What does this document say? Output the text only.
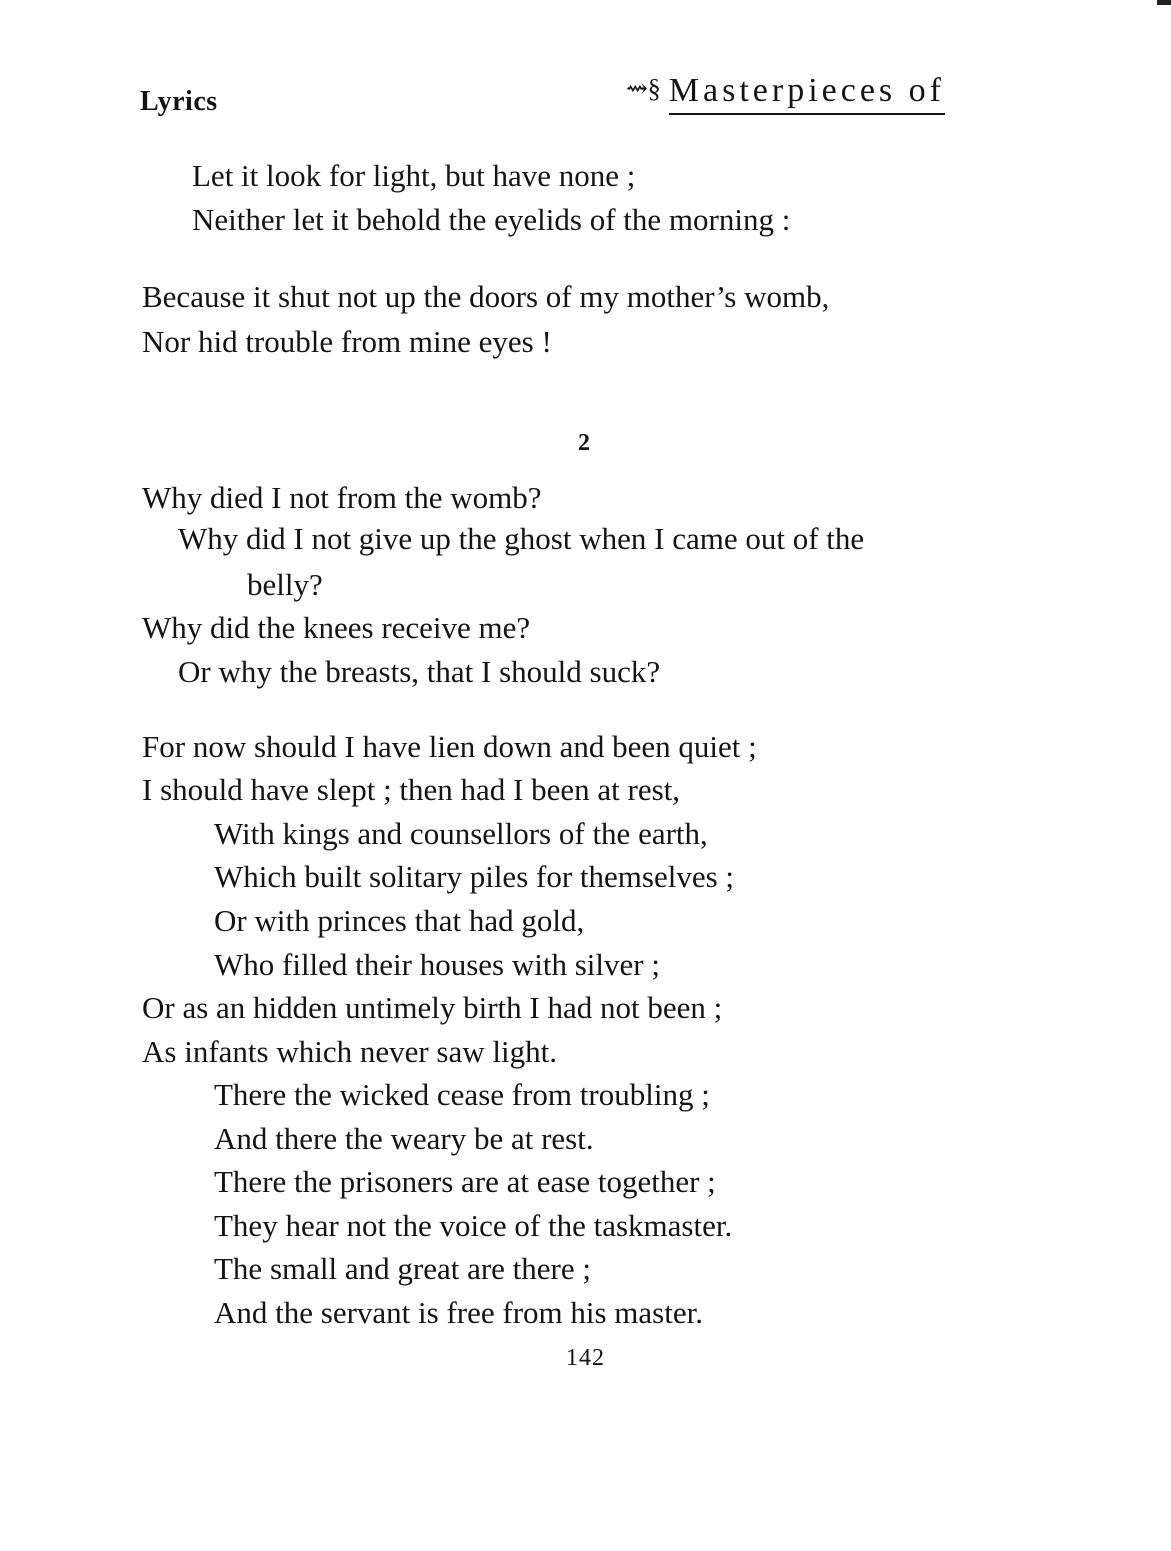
Lyrics	⇝§ Masterpieces of
Let it look for light, but have none ;
Neither let it behold the eyelids of the morning :
Because it shut not up the doors of my mother’s womb,
Nor hid trouble from mine eyes !
2
Why died I not from the womb?
Why did I not give up the ghost when I came out of the
belly?
Why did the knees receive me?
Or why the breasts, that I should suck?
For now should I have lien down and been quiet ;
I should have slept ; then had I been at rest,
With kings and counsellors of the earth,
Which built solitary piles for themselves ;
Or with princes that had gold,
Who filled their houses with silver ;
Or as an hidden untimely birth I had not been ;
As infants which never saw light.
There the wicked cease from troubling ;
And there the weary be at rest.
There the prisoners are at ease together ;
They hear not the voice of the taskmaster.
The small and great are there ;
And the servant is free from his master.
142
